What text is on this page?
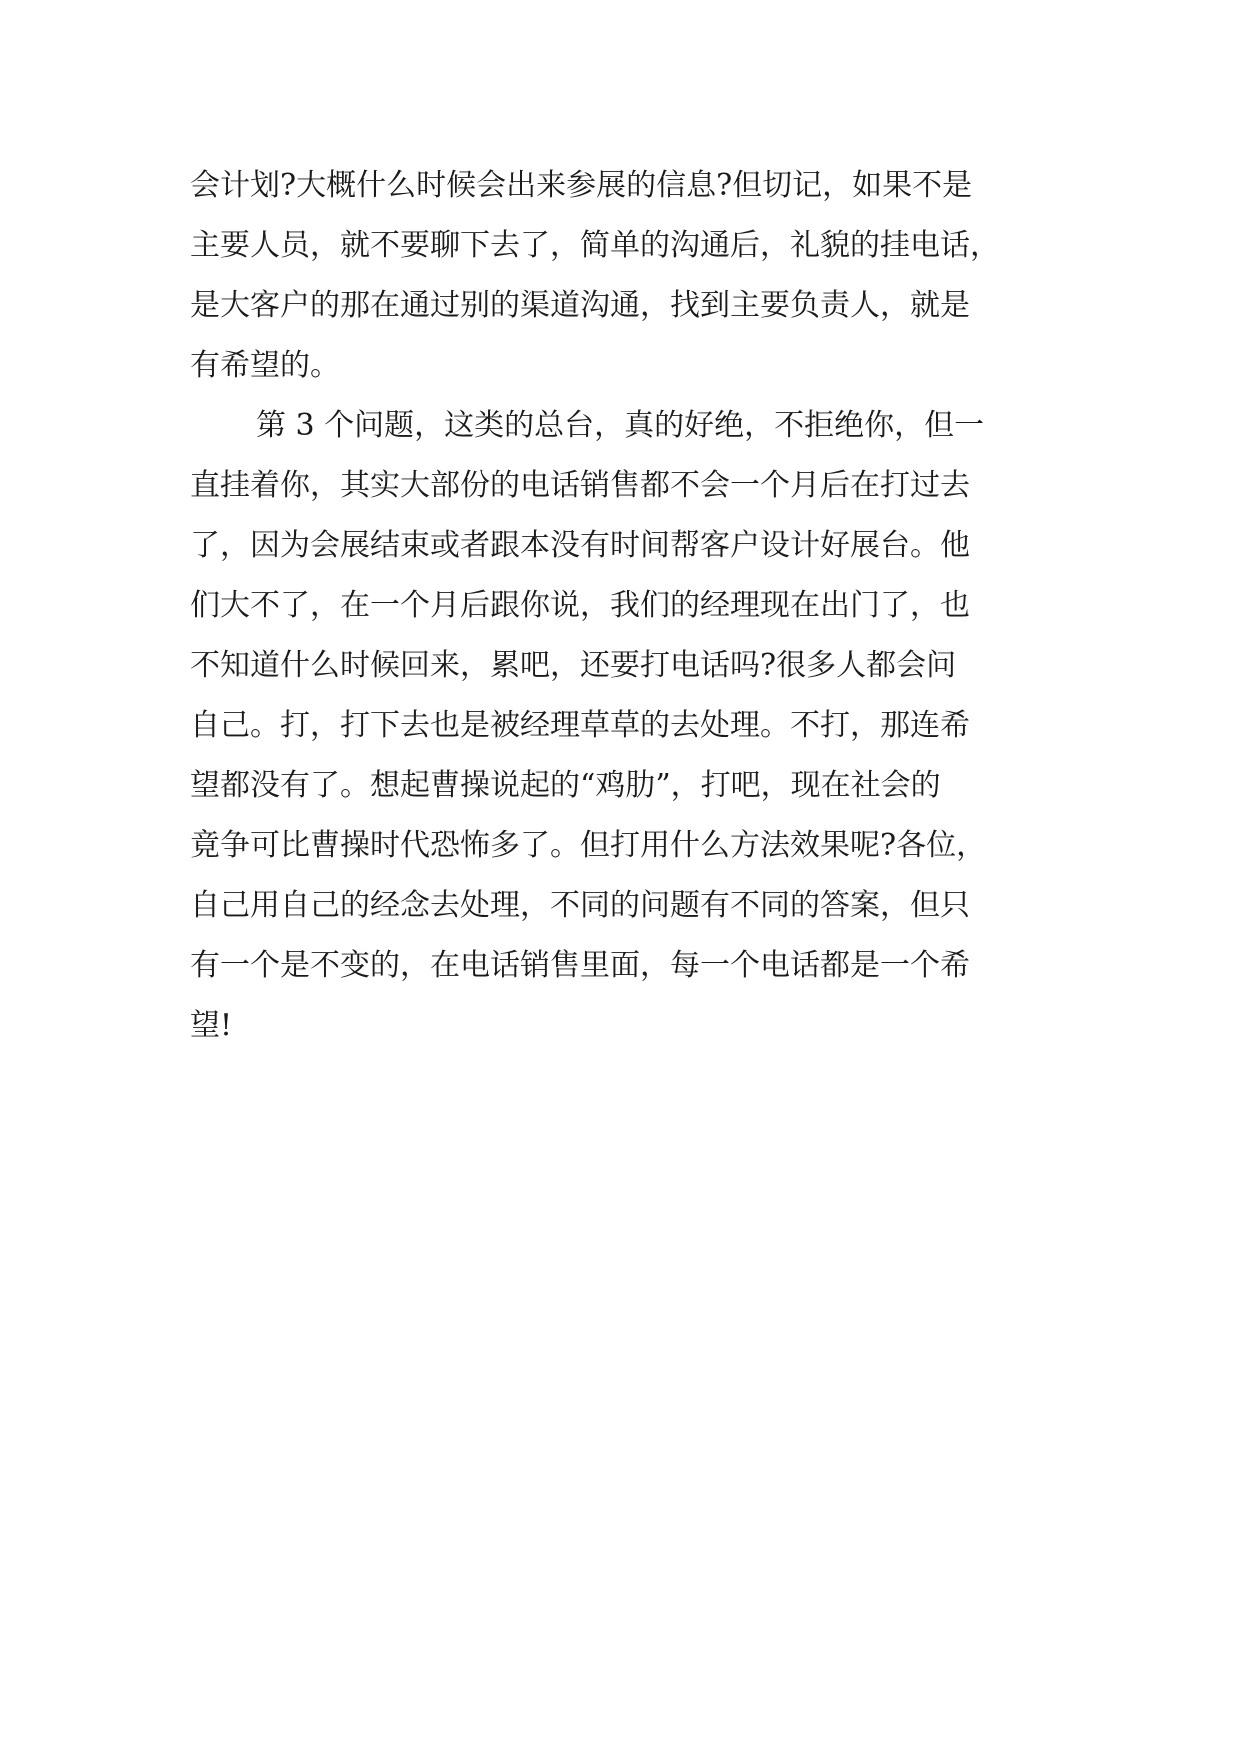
会计划?大概什么时候会出来参展的信息?但切记，如果不是
主要人员，就不要聊下去了，简单的沟通后，礼貌的挂电话，
是大客户的那在通过别的渠道沟通，找到主要负责人，就是
有希望的。
第 3 个问题，这类的总台，真的好绝，不拒绝你，但一
直挂着你，其实大部份的电话销售都不会一个月后在打过去
了，因为会展结束或者跟本没有时间帮客户设计好展台。他
们大不了，在一个月后跟你说，我们的经理现在出门了，也
不知道什么时候回来，累吧，还要打电话吗?很多人都会问
自己。打，打下去也是被经理草草的去处理。不打，那连希
望都没有了。想起曹操说起的“鸡肋”，打吧，现在社会的
竟争可比曹操时代恐怖多了。但打用什么方法效果呢?各位，
自己用自己的经念去处理，不同的问题有不同的答案，但只
有一个是不变的，在电话销售里面，每一个电话都是一个希
望!
